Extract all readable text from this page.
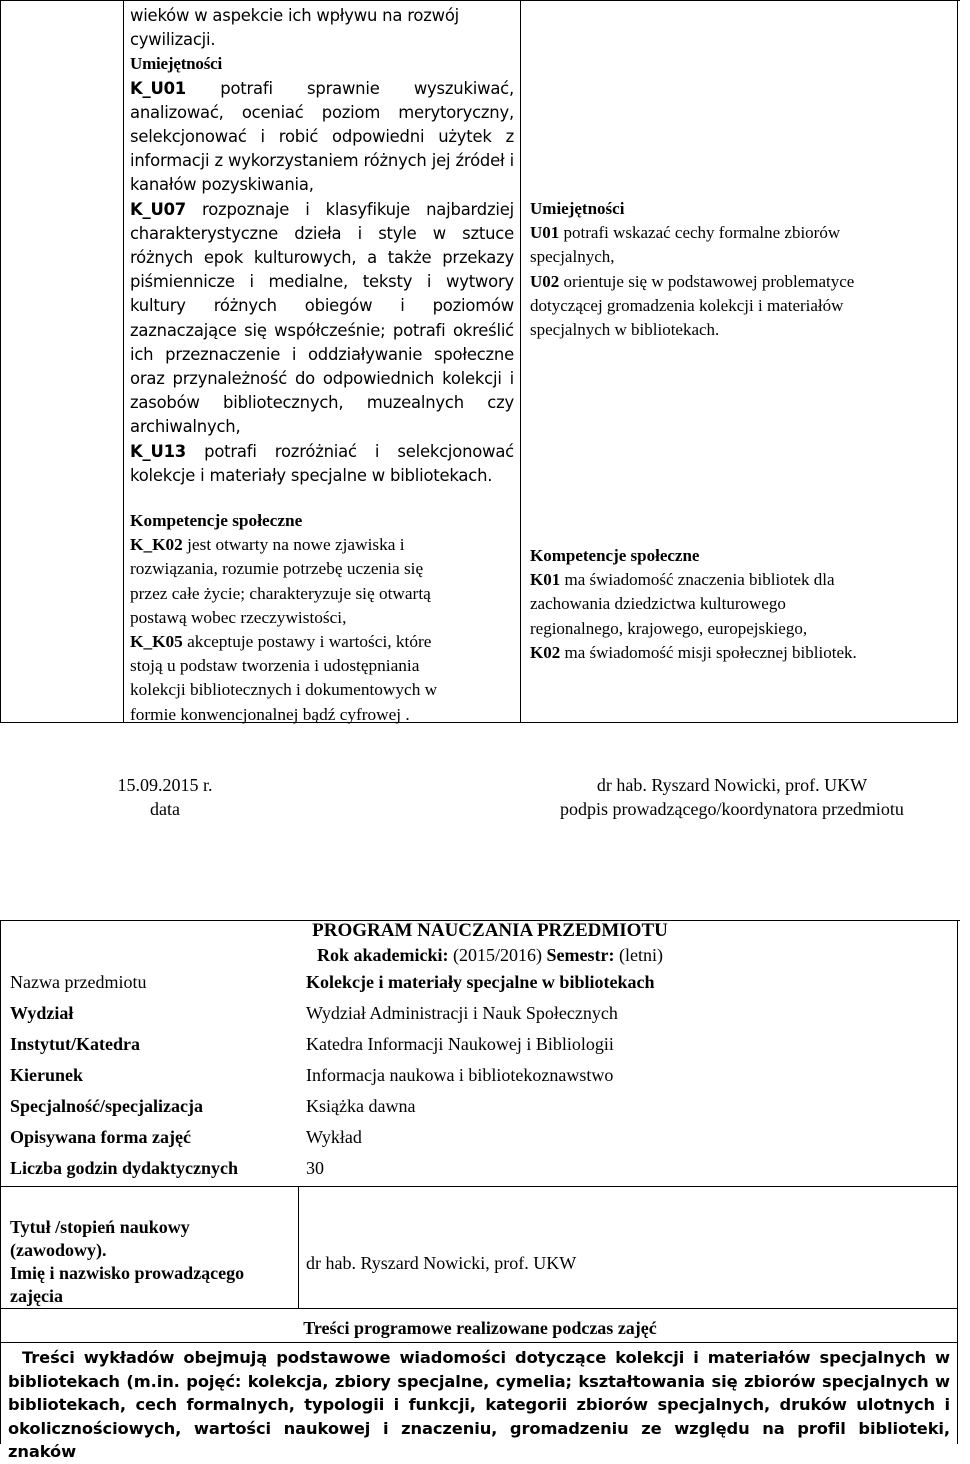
wieków w aspekcie ich wpływu na rozwój
cywilizacji.
Umiejętności
K_U01 potrafi sprawnie wyszukiwać, analizować, oceniać poziom merytoryczny, selekcjonować i robić odpowiedni użytek z informacji z wykorzystaniem różnych jej źródeł i kanałów pozyskiwania,
K_U07 rozpoznaje i klasyfikuje najbardziej charakterystyczne dzieła i style w sztuce różnych epok kulturowych, a także przekazy piśmiennicze i medialne, teksty i wytwory kultury różnych obiegów i poziomów zaznaczające się współcześnie; potrafi określić ich przeznaczenie i oddziaływanie społeczne oraz przynależność do odpowiednich kolekcji i zasobów bibliotecznych, muzealnych czy archiwalnych,
K_U13 potrafi rozróżniać i selekcjonować kolekcje i materiały specjalne w bibliotekach.
Kompetencje społeczne
K_K02 jest otwarty na nowe zjawiska i
rozwiązania, rozumie potrzebę uczenia się
przez całe życie; charakteryzuje się otwartą
postawą wobec rzeczywistości,
K_K05 akceptuje postawy i wartości, które
stoją u podstaw tworzenia i udostępniania
kolekcji bibliotecznych i dokumentowych w
formie konwencjonalnej bądź cyfrowej .
Umiejętności
U01 potrafi wskazać cechy formalne zbiorów
specjalnych,
U02 orientuje się w podstawowej problematyce
dotyczącej gromadzenia kolekcji i materiałów
specjalnych w bibliotekach.
Kompetencje społeczne
K01 ma świadomość znaczenia bibliotek dla
zachowania dziedzictwa kulturowego
regionalnego, krajowego, europejskiego,
K02 ma świadomość misji społecznej bibliotek.
15.09.2015 r.
data
dr hab. Ryszard Nowicki, prof. UKW
podpis prowadzącego/koordynatora przedmiotu
PROGRAM NAUCZANIA PRZEDMIOTU
Rok akademicki: (2015/2016) Semestr: (letni)
Nazwa przedmiotu	Kolekcje i materiały specjalne w bibliotekach
Wydział	Wydział Administracji i Nauk Społecznych
Instytut/Katedra	Katedra Informacji Naukowej i Bibliologii
Kierunek	Informacja naukowa i bibliotekoznawstwo
Specjalność/specjalizacja	Książka dawna
Opisywana forma zajęć	Wykład
Liczba godzin dydaktycznych	30
Tytuł /stopień naukowy
(zawodowy).
Imię i nazwisko prowadzącego
zajęcia
dr hab. Ryszard Nowicki, prof. UKW
Treści programowe realizowane podczas zajęć
Treści wykładów obejmują podstawowe wiadomości dotyczące kolekcji i materiałów specjalnych w bibliotekach (m.in. pojęć: kolekcja, zbiory specjalne, cymelia; kształtowania się zbiorów specjalnych w bibliotekach, cech formalnych, typologii i funkcji, kategorii zbiorów specjalnych, druków ulotnych i okolicznościowych, wartości naukowej i znaczeniu, gromadzeniu ze względu na profil biblioteki, znaków
